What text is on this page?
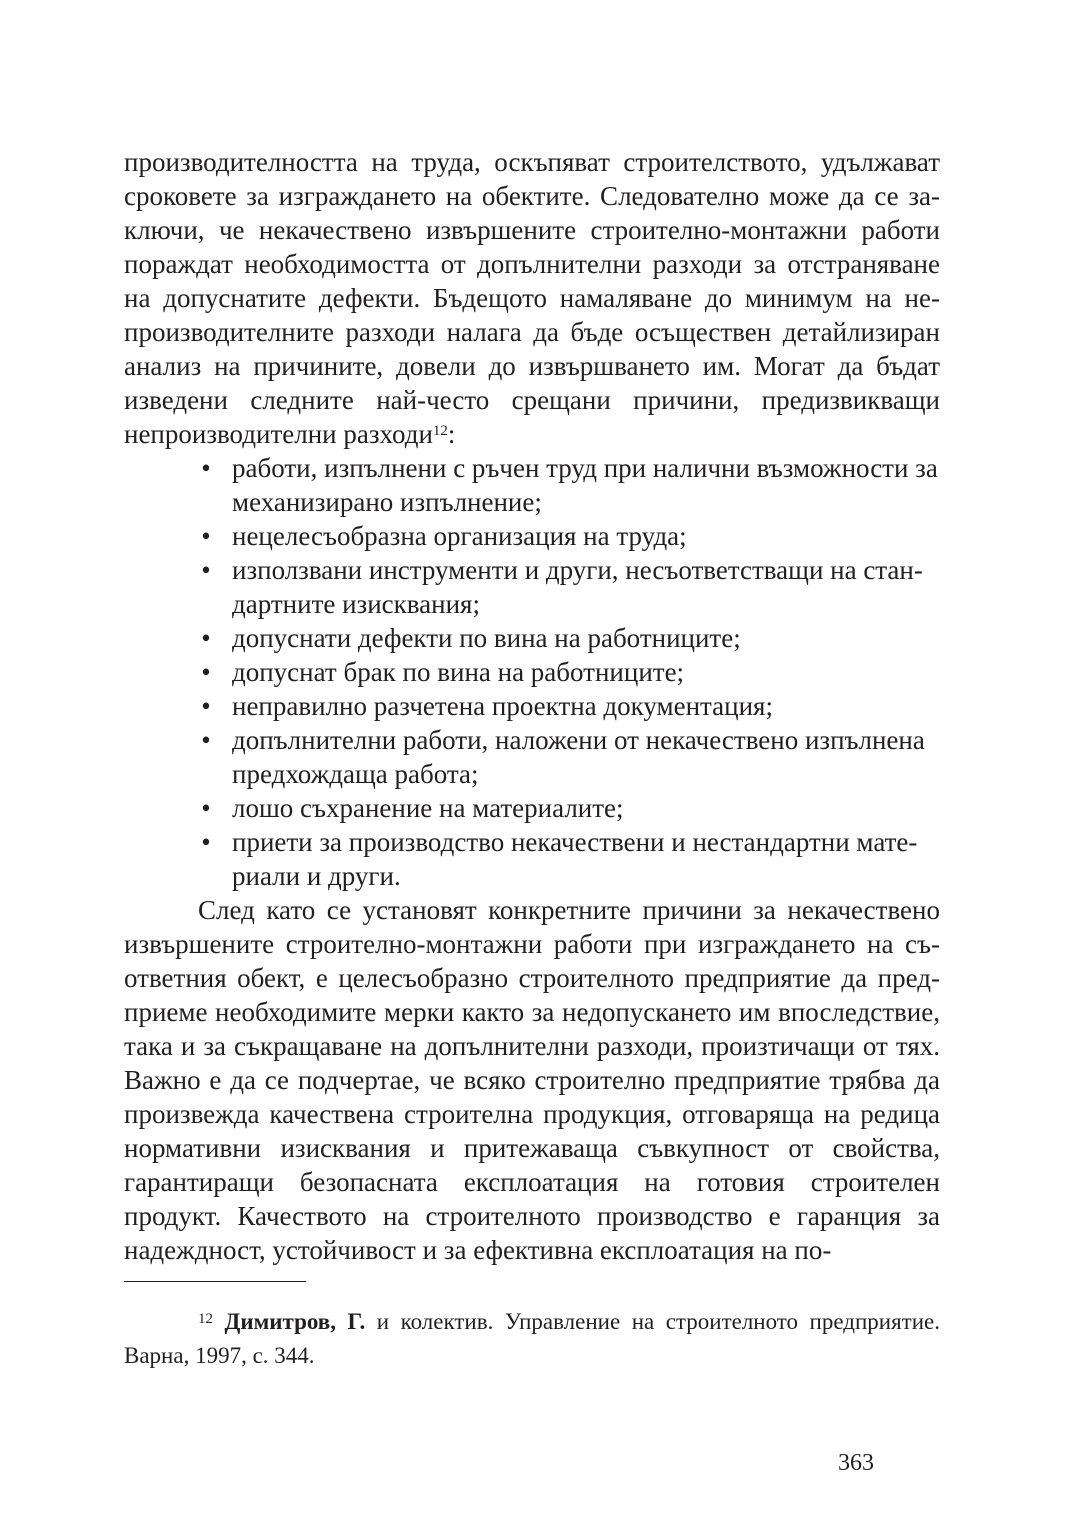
производителността на труда, оскъпяват строителството, удължават сроковете за изграждането на обектите. Следователно може да се заключи, че некачествено извършените строително-монтажни работи пораждат необходимостта от допълнителни разходи за отстраняване на допуснатите дефекти. Бъдещото намаляване до минимум на непроизводителните разходи налага да бъде осъществен детайлизиран анализ на причините, довели до извършването им. Могат да бъдат изведени следните най-често срещани причини, предизвикващи непроизводителни разходи$^{12}$:

• работи, изпълнени с ръчен труд при налични възможности за механизирано изпълнение;
• нецелесъобразна организация на труда;
• използвани инструменти и други, несъответстващи на стандартните изисквания;
• допуснати дефекти по вина на работниците;
• допуснат брак по вина на работниците;
• неправилно разчетена проектна документация;
• допълнителни работи, наложени от некачествено изпълнена предхождаща работа;
• лошо съхранение на материалите;
• приети за производство некачествени и нестандартни материали и други.

След като се установят конкретните причини за некачествено извършените строително-монтажни работи при изграждането на съответния обект, е целесъобразно строителното предприятие да предприеме необходимите мерки както за недопускането им впоследствие, така и за съкращаване на допълнителни разходи, произтичащи от тях. Важно е да се подчертае, че всяко строително предприятие трябва да произвежда качествена строителна продукция, отговаряща на редица нормативни изисквания и притежаваща съвкупност от свойства, гарантиращи безопасната експлоатация на готовия строителен продукт. Качеството на строителното производство е гаранция за надеждност, устойчивост и за ефективна експлоатация на по-

$^{12}$ Димитров, Г. и колектив. Управление на строителното предприятие. Варна, 1997, с. 344.

363
